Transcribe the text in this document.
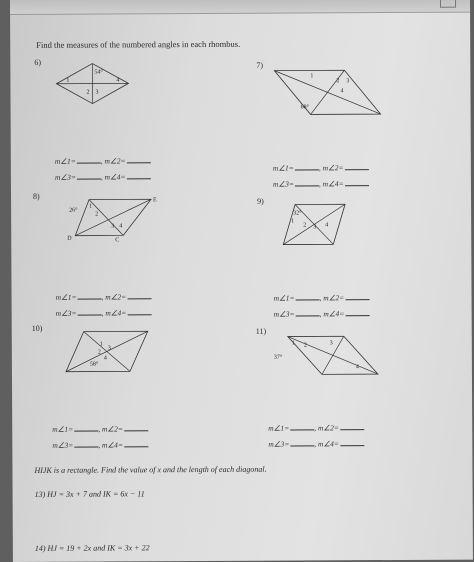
Find the measures of the numbered angles in each rhombus.
6)
54°
1
2 3
4
7)
68°
1
2 3
4
m∠1=	, m∠2=
m∠3=	, m∠4=
m∠1=	, m∠2=
m∠3=	, m∠4=
8)
26°
1
2
3 4
E
D	C
9)
32°
1
2 3 4
m∠1=	, m∠2=
m∠3=	, m∠4=
m∠1=	, m∠2=
m∠3=	, m∠4=
10)
58°
1
2
3
4
11)
37°
1 2	3
4
m∠1=	, m∠2=
m∠3=	, m∠4=
m∠1=	, m∠2=
m∠3=	, m∠4=
HIJK is a rectangle. Find the value of x and the length of each diagonal.
13) HJ = 3x + 7 and IK = 6x − 11
14) HJ = 19 + 2x and IK = 3x + 22
